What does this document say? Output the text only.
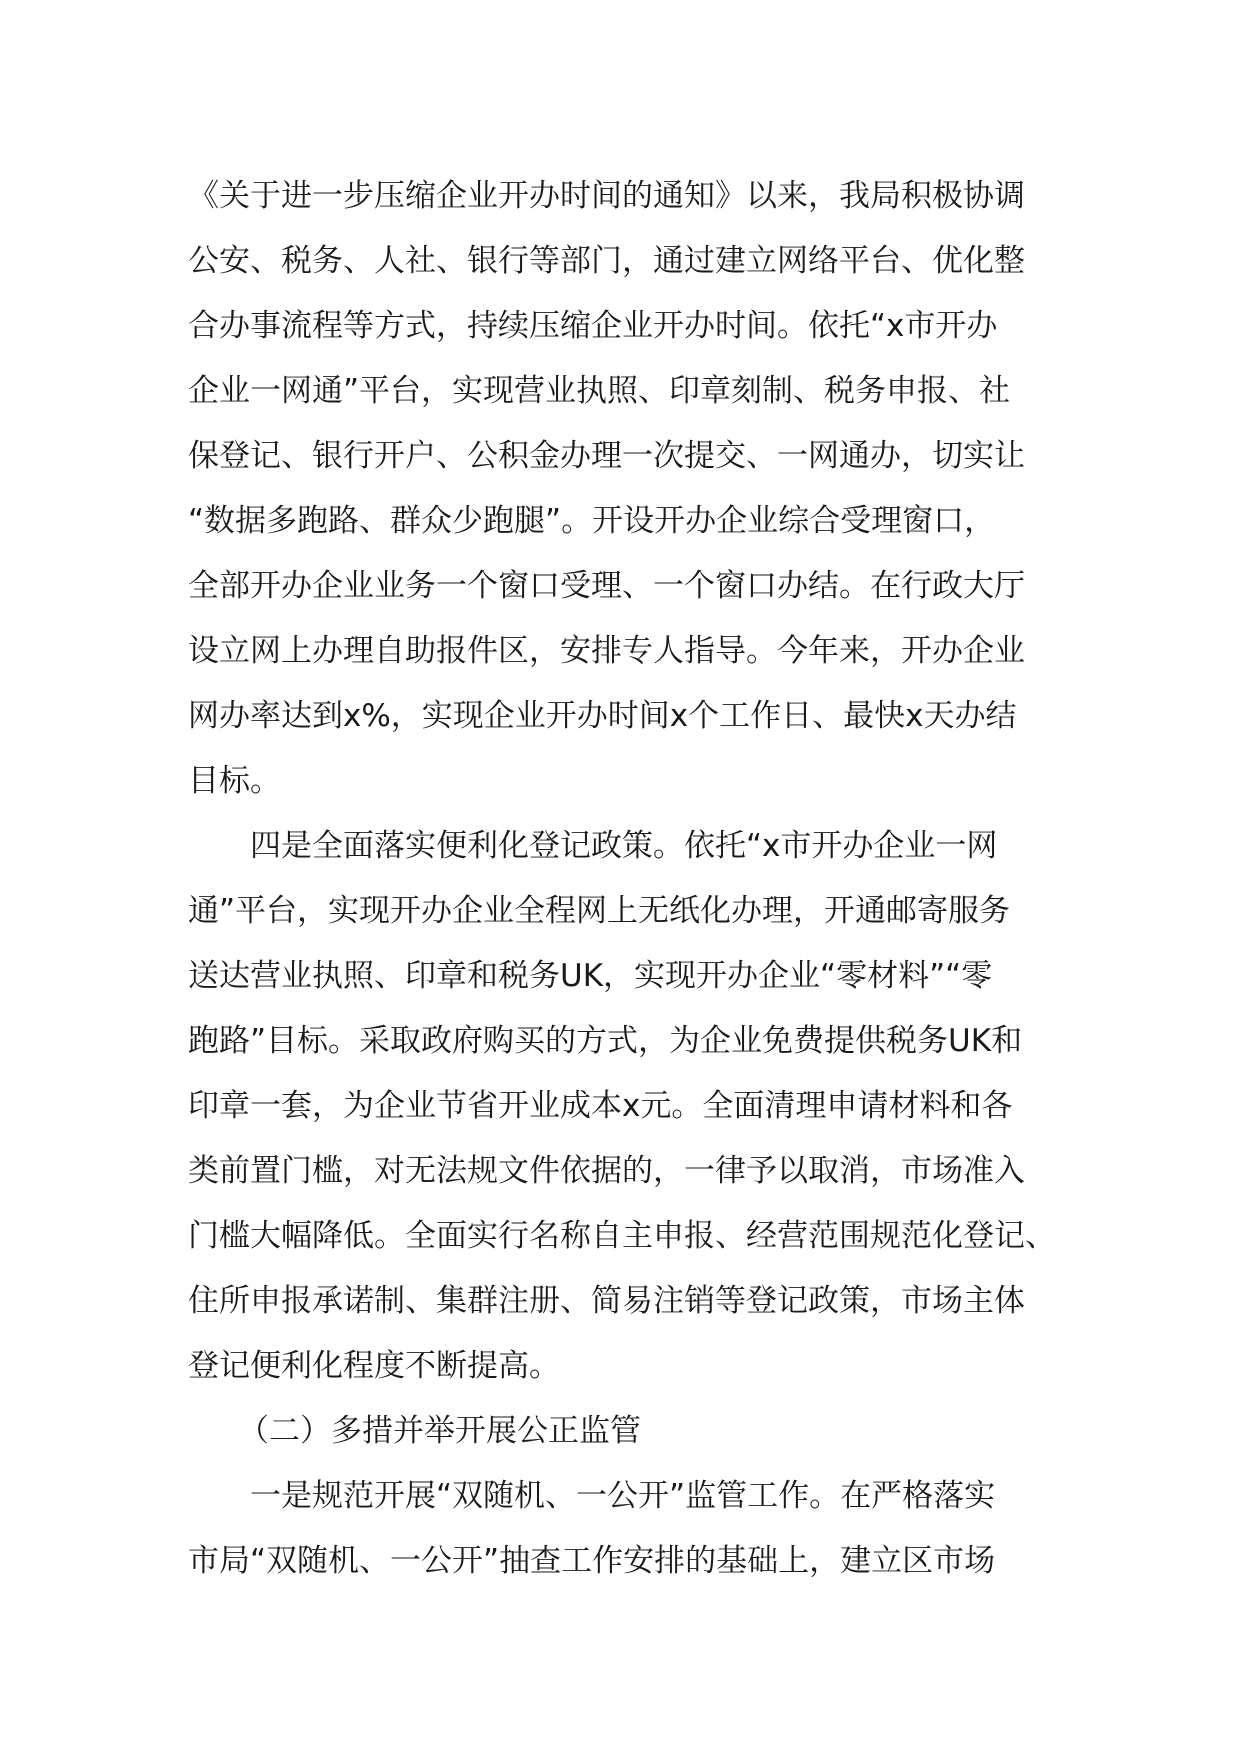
《关于进一步压缩企业开办时间的通知》以来，我局积极协调
公安、税务、人社、银行等部门，通过建立网络平台、优化整
合办事流程等方式，持续压缩企业开办时间。依托“x市开办
企业一网通”平台，实现营业执照、印章刻制、税务申报、社
保登记、银行开户、公积金办理一次提交、一网通办，切实让
“数据多跑路、群众少跑腿”。开设开办企业综合受理窗口，
全部开办企业业务一个窗口受理、一个窗口办结。在行政大厅
设立网上办理自助报件区，安排专人指导。今年来，开办企业
网办率达到x%，实现企业开办时间x个工作日、最快x天办结
目标。
四是全面落实便利化登记政策。依托“x市开办企业一网
通”平台，实现开办企业全程网上无纸化办理，开通邮寄服务
送达营业执照、印章和税务UK，实现开办企业“零材料”“零
跑路”目标。采取政府购买的方式，为企业免费提供税务UK和
印章一套，为企业节省开业成本x元。全面清理申请材料和各
类前置门槛，对无法规文件依据的，一律予以取消，市场准入
门槛大幅降低。全面实行名称自主申报、经营范围规范化登记、
住所申报承诺制、集群注册、简易注销等登记政策，市场主体
登记便利化程度不断提高。
（二）多措并举开展公正监管
一是规范开展“双随机、一公开”监管工作。在严格落实
市局“双随机、一公开”抽查工作安排的基础上，建立区市场
